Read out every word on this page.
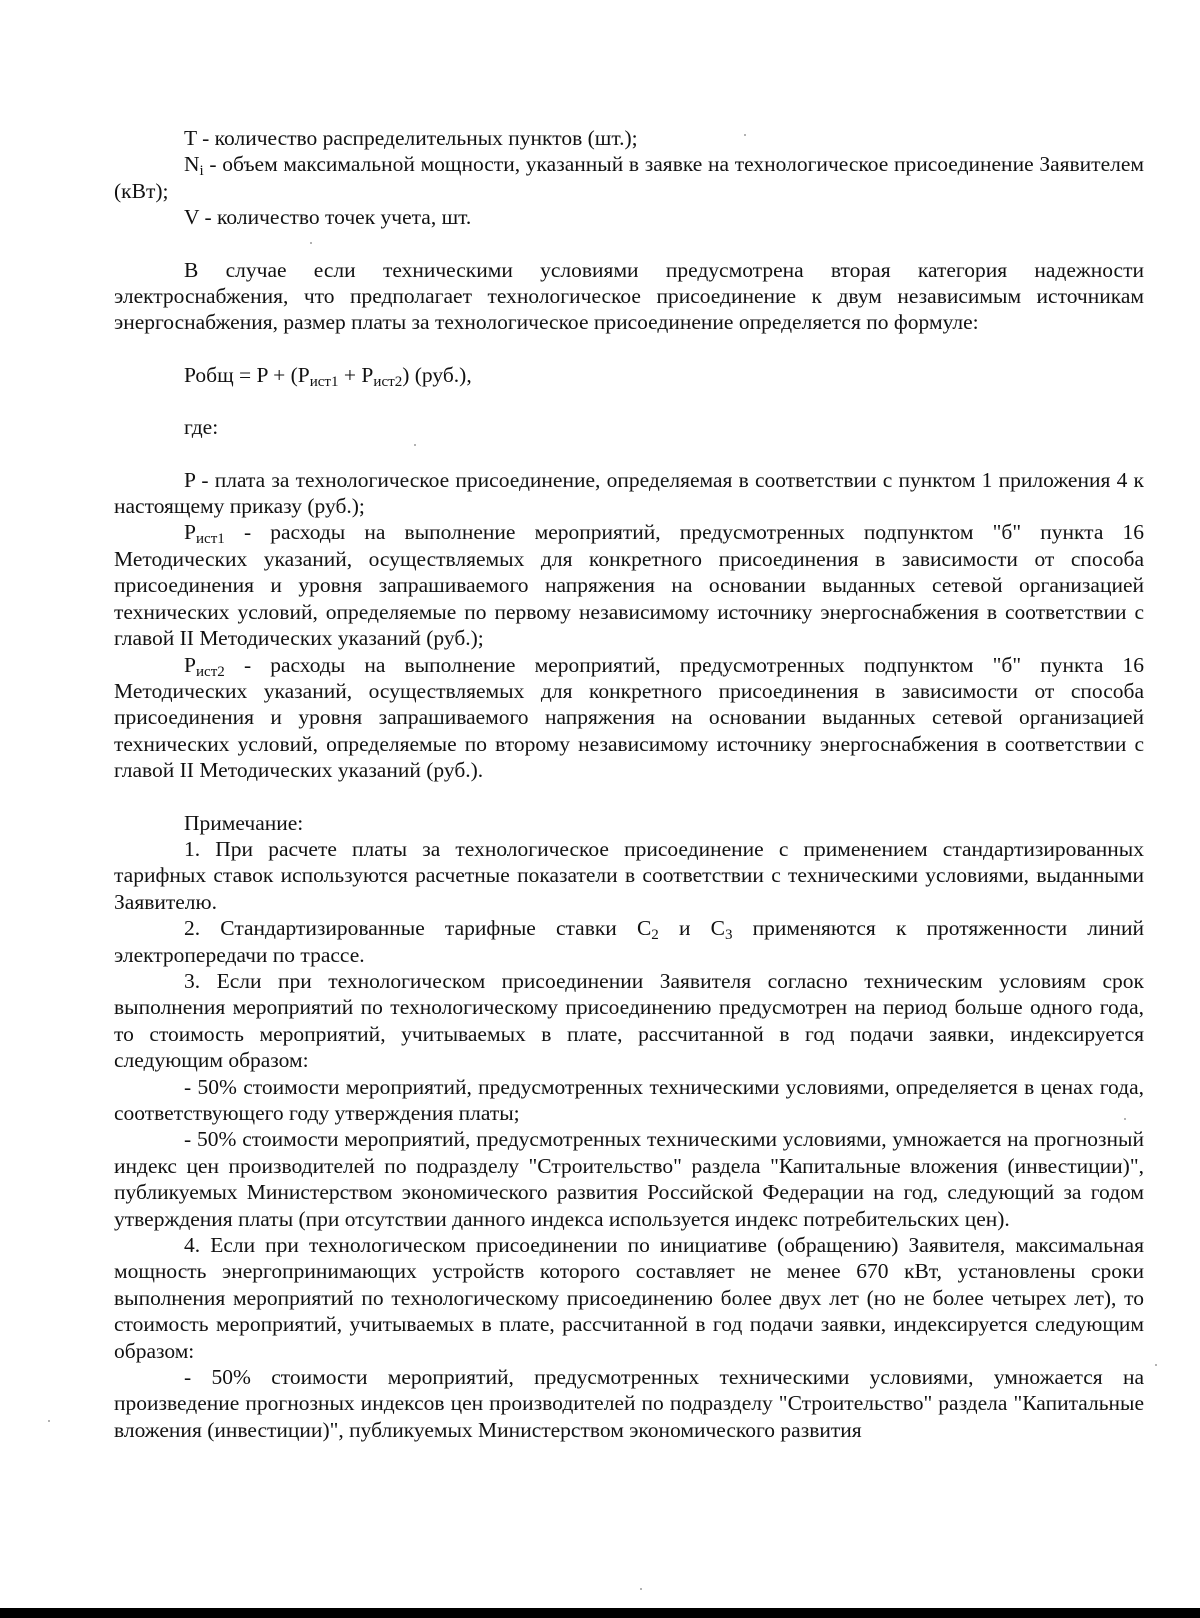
T - количество распределительных пунктов (шт.);

$N_i$ - объем максимальной мощности, указанный в заявке на технологическое присоединение Заявителем (кВт);

V - количество точек учета, шт.

В случае если техническими условиями предусмотрена вторая категория надежности электроснабжения, что предполагает технологическое присоединение к двум независимым источникам энергоснабжения, размер платы за технологическое присоединение определяется по формуле:

Робщ = $P + (P_{ист1} + P_{ист2})$ (руб.),

где:

P - плата за технологическое присоединение, определяемая в соответствии с пунктом 1 приложения 4 к настоящему приказу (руб.);

$P_{ист1}$ - расходы на выполнение мероприятий, предусмотренных подпунктом "б" пункта 16 Методических указаний, осуществляемых для конкретного присоединения в зависимости от способа присоединения и уровня запрашиваемого напряжения на основании выданных сетевой организацией технических условий, определяемые по первому независимому источнику энергоснабжения в соответствии с главой II Методических указаний (руб.);

$P_{ист2}$ - расходы на выполнение мероприятий, предусмотренных подпунктом "б" пункта 16 Методических указаний, осуществляемых для конкретного присоединения в зависимости от способа присоединения и уровня запрашиваемого напряжения на основании выданных сетевой организацией технических условий, определяемые по второму независимому источнику энергоснабжения в соответствии с главой II Методических указаний (руб.).

Примечание:

1. При расчете платы за технологическое присоединение с применением стандартизированных тарифных ставок используются расчетные показатели в соответствии с техническими условиями, выданными Заявителю.

2. Стандартизированные тарифные ставки $С_2$ и $С_3$ применяются к протяженности линий электропередачи по трассе.

3. Если при технологическом присоединении Заявителя согласно техническим условиям срок выполнения мероприятий по технологическому присоединению предусмотрен на период больше одного года, то стоимость мероприятий, учитываемых в плате, рассчитанной в год подачи заявки, индексируется следующим образом:

- 50% стоимости мероприятий, предусмотренных техническими условиями, определяется в ценах года, соответствующего году утверждения платы;

- 50% стоимости мероприятий, предусмотренных техническими условиями, умножается на прогнозный индекс цен производителей по подразделу "Строительство" раздела "Капитальные вложения (инвестиции)", публикуемых Министерством экономического развития Российской Федерации на год, следующий за годом утверждения платы (при отсутствии данного индекса используется индекс потребительских цен).

4. Если при технологическом присоединении по инициативе (обращению) Заявителя, максимальная мощность энергопринимающих устройств которого составляет не менее 670 кВт, установлены сроки выполнения мероприятий по технологическому присоединению более двух лет (но не более четырех лет), то стоимость мероприятий, учитываемых в плате, рассчитанной в год подачи заявки, индексируется следующим образом:

- 50% стоимости мероприятий, предусмотренных техническими условиями, умножается на произведение прогнозных индексов цен производителей по подразделу "Строительство" раздела "Капитальные вложения (инвестиции)", публикуемых Министерством экономического развития
